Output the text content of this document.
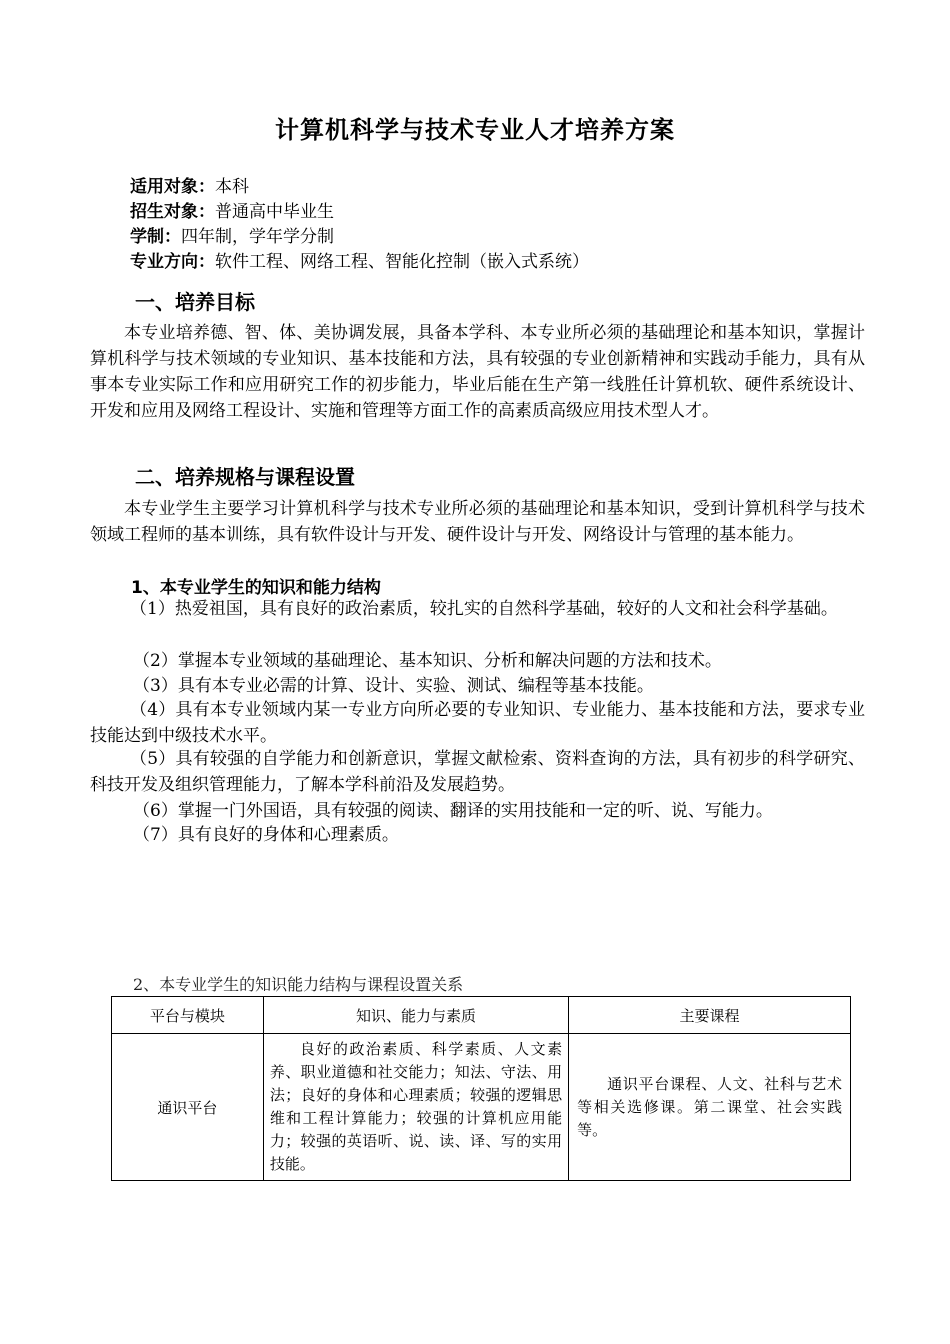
计算机科学与技术专业人才培养方案
适用对象：本科
招生对象：普通高中毕业生
学制：四年制，学年学分制
专业方向：软件工程、网络工程、智能化控制（嵌入式系统）
一、培养目标
本专业培养德、智、体、美协调发展，具备本学科、本专业所必须的基础理论和基本知识，掌握计算机科学与技术领域的专业知识、基本技能和方法，具有较强的专业创新精神和实践动手能力，具有从事本专业实际工作和应用研究工作的初步能力，毕业后能在生产第一线胜任计算机软、硬件系统设计、开发和应用及网络工程设计、实施和管理等方面工作的高素质高级应用技术型人才。
二、培养规格与课程设置
本专业学生主要学习计算机科学与技术专业所必须的基础理论和基本知识，受到计算机科学与技术领域工程师的基本训练，具有软件设计与开发、硬件设计与开发、网络设计与管理的基本能力。
1、本专业学生的知识和能力结构
（1）热爱祖国，具有良好的政治素质，较扎实的自然科学基础，较好的人文和社会科学基础。
（2）掌握本专业领域的基础理论、基本知识、分析和解决问题的方法和技术。
（3）具有本专业必需的计算、设计、实验、测试、编程等基本技能。
（4）具有本专业领域内某一专业方向所必要的专业知识、专业能力、基本技能和方法，要求专业技能达到中级技术水平。
（5）具有较强的自学能力和创新意识，掌握文献检索、资料查询的方法，具有初步的科学研究、科技开发及组织管理能力，了解本学科前沿及发展趋势。
（6）掌握一门外国语，具有较强的阅读、翻译的实用技能和一定的听、说、写能力。
（7）具有良好的身体和心理素质。
2、本专业学生的知识能力结构与课程设置关系
平台与模块	知识、能力与素质	主要课程
通识平台	良好的政治素质、科学素质、人文素养、职业道德和社交能力；知法、守法、用法；良好的身体和心理素质；较强的逻辑思维和工程计算能力；较强的计算机应用能力；较强的英语听、说、读、译、写的实用技能。	通识平台课程、人文、社科与艺术等相关选修课。第二课堂、社会实践等。
